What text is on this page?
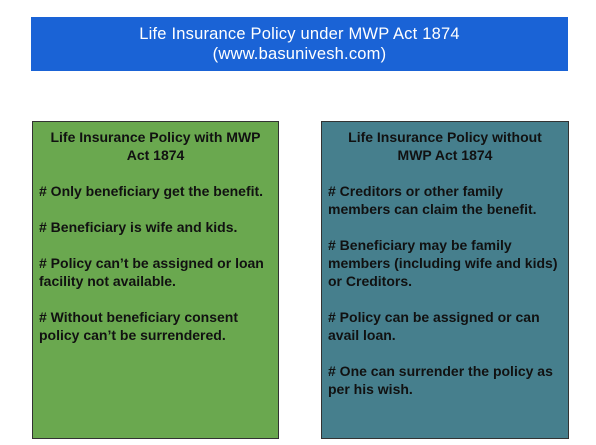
Life Insurance Policy under MWP Act 1874
(www.basunivesh.com)
Life Insurance Policy with MWP Act 1874
# Only beneficiary get the benefit.
# Beneficiary is wife and kids.
# Policy can’t be assigned or loan facility not available.
# Without beneficiary consent policy can’t be surrendered.
Life Insurance Policy without MWP Act 1874
# Creditors or other family members can claim the benefit.
# Beneficiary may be family members (including wife and kids) or Creditors.
# Policy can be assigned or can avail loan.
# One can surrender the policy as per his wish.
